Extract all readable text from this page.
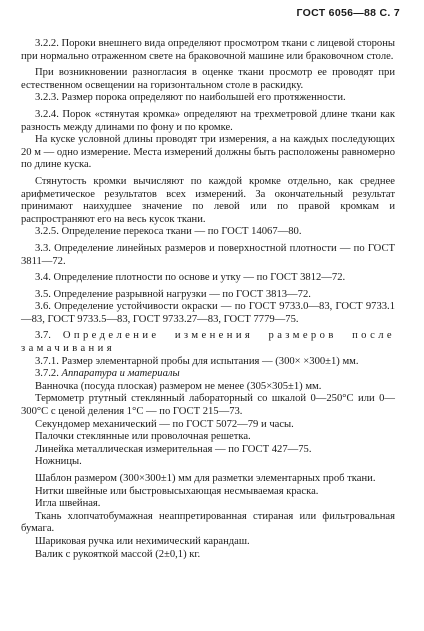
ГОСТ 6056—88 С. 7

3.2.2. Пороки внешнего вида определяют просмотром ткани с лицевой стороны при нормально отраженном свете на браковочной машине или браковочном столе.

При возникновении разногласия в оценке ткани просмотр ее проводят при естественном освещении на горизонтальном столе в раскидку.

3.2.3. Размер порока определяют по наибольшей его протяженности.

3.2.4. Порок «стянутая кромка» определяют на трехметровой длине ткани как разность между длинами по фону и по кромке.

На куске условной длины проводят три измерения, а на каждых последующих 20 м — одно измерение. Места измерений должны быть расположены равномерно по длине куска.

Стянутость кромки вычисляют по каждой кромке отдельно, как среднее арифметическое результатов всех измерений. За окончательный результат принимают наихудшее значение по левой или по правой кромкам и распространяют его на весь кусок ткани.

3.2.5. Определение перекоса ткани — по ГОСТ 14067—80.

3.3. Определение линейных размеров и поверхностной плотности — по ГОСТ 3811—72.

3.4. Определение плотности по основе и утку — по ГОСТ 3812—72.

3.5. Определение разрывной нагрузки — по ГОСТ 3813—72.

3.6. Определение устойчивости окраски — по ГОСТ 9733.0—83, ГОСТ 9733.1—83, ГОСТ 9733.5—83, ГОСТ 9733.27—83, ГОСТ 7779—75.

3.7. Определение изменения размеров после замачивания

3.7.1. Размер элементарной пробы для испытания — (300× ×300±1) мм.

3.7.2. Аппаратура и материалы

Ванночка (посуда плоская) размером не менее (305×305±1) мм.

Термометр ртутный стеклянный лабораторный со шкалой 0—250°С или 0—300°С с ценой деления 1°С — по ГОСТ 215—73.

Секундомер механический — по ГОСТ 5072—79 и часы.

Палочки стеклянные или проволочная решетка.

Линейка металлическая измерительная — по ГОСТ 427—75.

Ножницы.

Шаблон размером (300×300±1) мм для разметки элементарных проб ткани.

Нитки швейные или быстровысыхающая несмываемая краска.

Игла швейная.

Ткань хлопчатобумажная неаппретированная стираная или фильтровальная бумага.

Шариковая ручка или нехимический карандаш.

Валик с рукояткой массой (2±0,1) кг.
